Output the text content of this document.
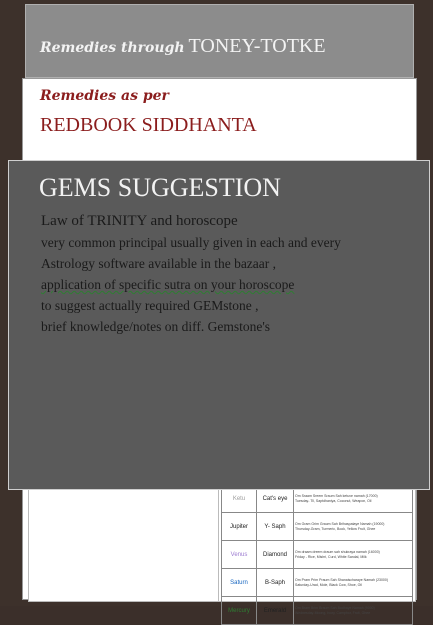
Remedies through TONEY-TOTKE
Remedies as per
REDBOOK SIDDHANTA

Ketu	Cat's eye	Om Sraam Sreem Sraum Sah ketuve namah (17000)
Tuesday- Til, Saptdhaniya, Coconut, Weapon, Oil

Jupiter	Y- Saph	Om Gram Grim Graum Sah Brihaspataye Namah (19000)
Thursday-Gram, Turmeric, Book, Yellow Fruit, Ghee

Venus	Diamond	Om draam dreem draum sah shukraya namah (16000)
Friday - Rice, Mishri, Curd, White Sandal, Milk

Saturn	B-Saph	Om Pram Prim Praum Sah Shanaischaraye Namah (23000)
Saturday-Urad, Mole, Black Cow, Shoe, Oil

Mercury	Emerald	Om Bram Brim Braum Sah Budhaye Namah (9000)
Wednesday-Moong, Ivory, Camphor, Fruit, Ghee
GEMS SUGGESTION
Law of TRINITY and horoscope
very common principal usually given in each and every
Astrology software available in the bazaar ,
application of specific sutra on your horoscope
to suggest actually required GEMstone ,
brief knowledge/notes on diff. Gemstone's
